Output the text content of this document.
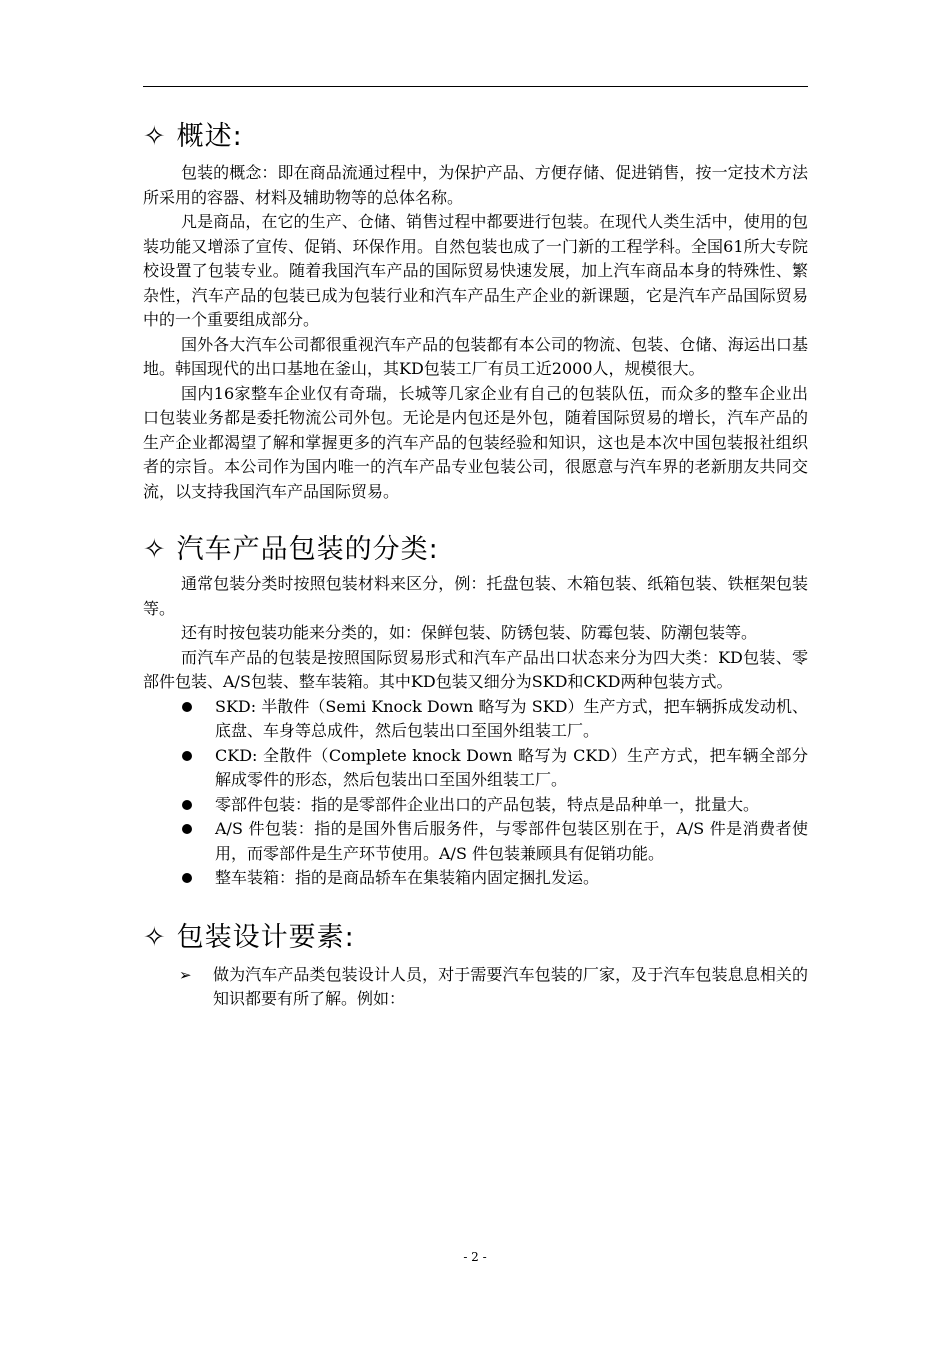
✧ 概述:

包装的概念：即在商品流通过程中，为保护产品、方便存储、促进销售，按一定技术方法所采用的容器、材料及辅助物等的总体名称。

凡是商品，在它的生产、仓储、销售过程中都要进行包装。在现代人类生活中，使用的包装功能又增添了宣传、促销、环保作用。自然包装也成了一门新的工程学科。全国61所大专院校设置了包装专业。随着我国汽车产品的国际贸易快速发展，加上汽车商品本身的特殊性、繁杂性，汽车产品的包装已成为包装行业和汽车产品生产企业的新课题，它是汽车产品国际贸易中的一个重要组成部分。

国外各大汽车公司都很重视汽车产品的包装都有本公司的物流、包装、仓储、海运出口基地。韩国现代的出口基地在釜山，其KD包装工厂有员工近2000人，规模很大。

国内16家整车企业仅有奇瑞，长城等几家企业有自己的包装队伍，而众多的整车企业出口包装业务都是委托物流公司外包。无论是内包还是外包，随着国际贸易的增长，汽车产品的生产企业都渴望了解和掌握更多的汽车产品的包装经验和知识，这也是本次中国包装报社组织者的宗旨。本公司作为国内唯一的汽车产品专业包装公司，很愿意与汽车界的老新朋友共同交流，以支持我国汽车产品国际贸易。

✧ 汽车产品包装的分类:

通常包装分类时按照包装材料来区分，例：托盘包装、木箱包装、纸箱包装、铁框架包装等。

还有时按包装功能来分类的，如：保鲜包装、防锈包装、防霉包装、防潮包装等。

而汽车产品的包装是按照国际贸易形式和汽车产品出口状态来分为四大类：KD包装、零部件包装、A/S包装、整车装箱。其中KD包装又细分为SKD和CKD两种包装方式。

SKD: 半散件（Semi Knock Down 略写为 SKD）生产方式，把车辆拆成发动机、底盘、车身等总成件，然后包装出口至国外组装工厂。
CKD: 全散件（Complete knock Down 略写为 CKD）生产方式，把车辆全部分解成零件的形态，然后包装出口至国外组装工厂。
零部件包装：指的是零部件企业出口的产品包装，特点是品种单一，批量大。
A/S 件包装：指的是国外售后服务件，与零部件包装区别在于，A/S 件是消费者使用，而零部件是生产环节使用。A/S 件包装兼顾具有促销功能。
整车装箱：指的是商品轿车在集装箱内固定捆扎发运。
✧ 包装设计要素:
➢ 做为汽车产品类包装设计人员，对于需要汽车包装的厂家，及于汽车包装息息相关的知识都要有所了解。例如：
- 2 -
